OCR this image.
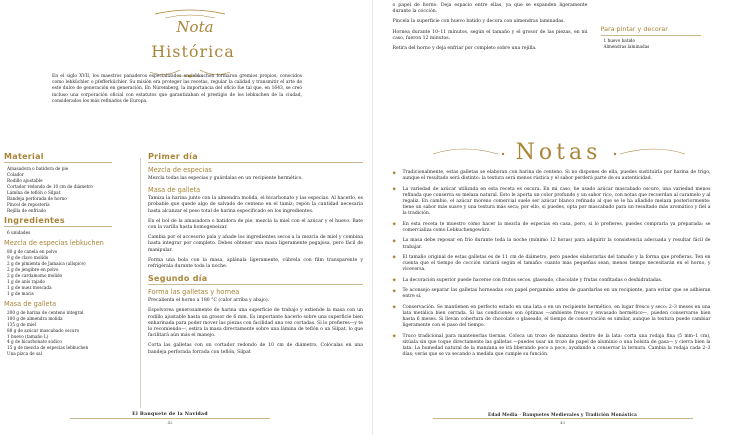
Nota
Histórica

En el siglo XVII, los maestros panaderos especializados en lebkuchen formaron gremios propios, conocidos como lebküchler o pfefferküchler. Su misión era proteger las recetas, regular la calidad y transmitir el arte de este dulce de generación en generación. En Núremberg, la importancia del oficio fue tal que, en 1643, se creó incluso una corporación oficial con estatutos que garantizaban el prestigio de los lebkuchen de la ciudad, considerados los más refinados de Europa.

Material
Amasadora o batidora de pie
Colador
Rodillo ajustable
Cortador redondo de 10 cm de diámetro
Lámina de teflón o Silpat
Bandeja perforada de horno
Pincel de repostería
Rejilla de enfriado
Ingredientes
6 unidades
Mezcla de especias lebkuchen
80 g de canela en polvo
9 g de clavo molido
2 g de pimienta de Jamaica (allspice)
2 g de jengibre en polvo
2 g de cardamomo molido
1 g de anís rajado
1 g de nuez moscada
1 g de macis
Masa de galleta
200 g de harina de centeno integral
100 g de almendra molida
135 g de miel
88 g de azúcar mascabado oscuro
1 huevo (tamaño L)
4 g de bicarbonato sódico
15 g de mezcla de especias lebkuchen
Una pizca de sal
Primer día
Mezcla de especias

Mezcla todas las especias y guárdalas en un recipiente hermético.

Masa de galleta

Tamiza la harina junto con la almendra molida, el bicarbonato y las especias. Al hacerlo, es probable que quede algo de salvado de centeno en el tamiz; repón la cantidad necesaria hasta alcanzar el peso total de harina especificado en los ingredientes.

En el bol de la amasadora o batidora de pie, mezcla la miel con el azúcar y el huevo. Bate con la varilla hasta homogeneizar.

Cambia por el accesorio pala y añade los ingredientes secos a la mezcla de miel y combina hasta integrar por completo. Debes obtener una masa ligeramente pegajosa, pero fácil de manipular.

Forma una bola con la masa, aplánala ligeramente, cúbrela con film transparente y refrigérala durante toda la noche.

Segundo día
Forma las galletas y hornea

Precalienta el horno a 180 °C (calor arriba y abajo).

Espolvorea generosamente de harina una superficie de trabajo y extiende la masa con un rodillo ajustable hasta un grosor de 6 mm. Es importante hacerlo sobre una superficie bien enharinada para poder mover las piezas con facilidad una vez cortadas. Si lo prefieres—y te lo recomiendo—, estira la masa directamente sobre una lámina de teflón o un Silpat, lo que facilitará aún más el manejo.

Corta las galletas con un cortador redondo de 10 cm de diámetro. Colócalas en una bandeja perforada forrada con teflón, Silpat

El Banquete de la Navidad
42

o papel de horno. Deja espacio entre ellas, ya que se expanden ligeramente durante la cocción.

Pincela la superficie con huevo batido y decora con almendras laminadas.

Hornea durante 10–11 minutos, según el tamaño y el grosor de las piezas, en mi caso, fueron 12 minutos.

Retira del horno y deja enfriar por completo sobre una rejilla.

Para pintar y decorar
1 huevo batido
Almendras laminadas
Notas
◆ Tradicionalmente, estas galletas se elaboran con harina de centeno. Si no dispones de ella, puedes sustituirla por harina de trigo, aunque el resultado será distinto: la textura será menos rústica y el sabor perderá parte de su autenticidad.
◆ La variedad de azúcar utilizada en esta receta es oscura. En mi caso, he usado azúcar mascabado oscuro, una variedad menos refinada que conserva su melaza natural. Esto le aporta un color profundo y un sabor rico, con notas que recuerdan al caramelo y al regaliz. En cambio, el azúcar moreno comercial suele ser azúcar blanco refinado al que se le ha añadido melaza posteriormente: tiene un sabor más suave y una textura más seca; por ello, si puedes, opta por mascabado para un resultado más aromático y fiel a la tradición.
◆ En esta receta te muestro cómo hacer la mezcla de especias en casa, pero, si lo prefieres, puedes comprarla ya preparada: se comercializa como Lebkuchengewürz.
◆ La masa debe reposar en frío durante toda la noche (mínimo 12 horas) para adquirir la consistencia adecuada y resultar fácil de trabajar.
◆ El tamaño original de estas galletas es de 11 cm de diámetro, pero puedes elaborarlas del tamaño y la forma que prefieras. Ten en cuenta que el tiempo de cocción variará según el tamaño: cuanto más pequeñas sean, menos tiempo necesitarán en el horno, y viceversa.
◆ La decoración superior puede hacerse con frutos secos, glaseado, chocolate y frutas confitadas o deshidratadas.
◆ Te aconsejo separar las galletas horneadas con papel pergamino antes de guardarlas en un recipiente, para evitar que se adhieran entre sí.
◆ Conservación. Se mantienen en perfecto estado en una lata o en un recipiente hermético, en lugar fresco y seco: 2–3 meses en una lata metálica bien cerrada. Si las condiciones son óptimas —ambiente fresco y envasado hermético—, pueden conservarse bien hasta 6 meses. Si llevan cobertura de chocolate o glaseado, el tiempo de conservación es similar, aunque la textura puede cambiar ligeramente con el paso del tiempo.
◆ Truco tradicional para mantenerlas tiernas. Coloca un trozo de manzana dentro de la lata: corta una rodaja fina (5 mm–1 cm), sitúala sin que toque directamente las galletas —puedes usar un trozo de papel de aluminio o una bolsita de gasa— y cierra bien la lata. La humedad natural de la manzana se irá liberando poco a poco, ayudando a conservar la ternura. Cambia la rodaja cada 2–3 días; verás que se va secando a medida que cumple su función.
Edad Media · Banquetes Medievales y Tradición Monástica
43
